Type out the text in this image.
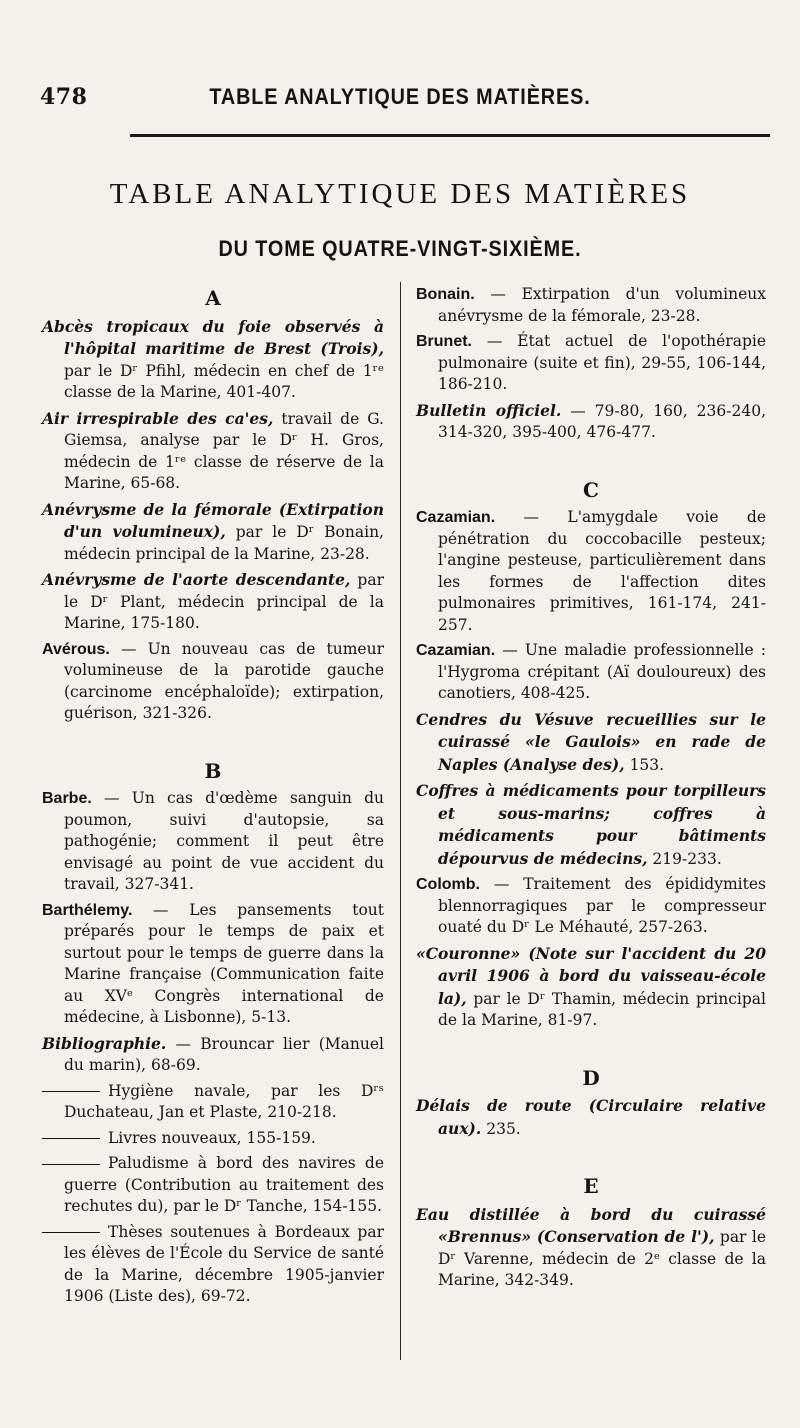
478	TABLE ANALYTIQUE DES MATIÈRES.
TABLE ANALYTIQUE DES MATIÈRES
DU TOME QUATRE-VINGT-SIXIÈME.
A

Abcès tropicaux du foie observés à l'hôpital maritime de Brest (Trois), par le Dʳ Pfihl, médecin en chef de 1ʳᵉ classe de la Marine, 401-407.

Air irrespirable des ca'es, travail de G. Giemsa, analyse par le Dʳ H. Gros, médecin de 1ʳᵉ classe de réserve de la Marine, 65-68.

Anévrysme de la fémorale (Extirpation d'un volumineux), par le Dʳ Bonain, médecin principal de la Marine, 23-28.

Anévrysme de l'aorte descendante, par le Dʳ Plant, médecin principal de la Marine, 175-180.

Avérous. — Un nouveau cas de tumeur volumineuse de la parotide gauche (carcinome encéphaloïde); extirpation, guérison, 321-326.

B

Barbe. — Un cas d'œdème sanguin du poumon, suivi d'autopsie, sa pathogénie; comment il peut être envisagé au point de vue accident du travail, 327-341.

Barthélemy. — Les pansements tout préparés pour le temps de paix et surtout pour le temps de guerre dans la Marine française (Communication faite au XVᵉ Congrès international de médecine, à Lisbonne), 5-13.

Bibliographie. — Brouncar lier (Manuel du marin), 68-69.

Hygiène navale, par les Dʳˢ Duchateau, Jan et Plaste, 210-218.

Livres nouveaux, 155-159.

Paludisme à bord des navires de guerre (Contribution au traitement des rechutes du), par le Dʳ Tanche, 154-155.

Thèses soutenues à Bordeaux par les élèves de l'École du Service de santé de la Marine, décembre 1905-janvier 1906 (Liste des), 69-72.

Bonain. — Extirpation d'un volumineux anévrysme de la fémorale, 23-28.

Brunet. — État actuel de l'opothérapie pulmonaire (suite et fin), 29-55, 106-144, 186-210.

Bulletin officiel. — 79-80, 160, 236-240, 314-320, 395-400, 476-477.

C

Cazamian. — L'amygdale voie de pénétration du coccobacille pesteux; l'angine pesteuse, particulièrement dans les formes de l'affection dites pulmonaires primitives, 161-174, 241-257.

Cazamian. — Une maladie professionnelle : l'Hygroma crépitant (Aï douloureux) des canotiers, 408-425.

Cendres du Vésuve recueillies sur le cuirassé «le Gaulois» en rade de Naples (Analyse des), 153.

Coffres à médicaments pour torpilleurs et sous-marins; coffres à médicaments pour bâtiments dépourvus de médecins, 219-233.

Colomb. — Traitement des épididymites blennorragiques par le compresseur ouaté du Dʳ Le Méhauté, 257-263.

«Couronne» (Note sur l'accident du 20 avril 1906 à bord du vaisseau-école la), par le Dʳ Thamin, médecin principal de la Marine, 81-97.

D

Délais de route (Circulaire relative aux). 235.

E

Eau distillée à bord du cuirassé «Brennus» (Conservation de l'), par le Dʳ Varenne, médecin de 2ᵉ classe de la Marine, 342-349.
